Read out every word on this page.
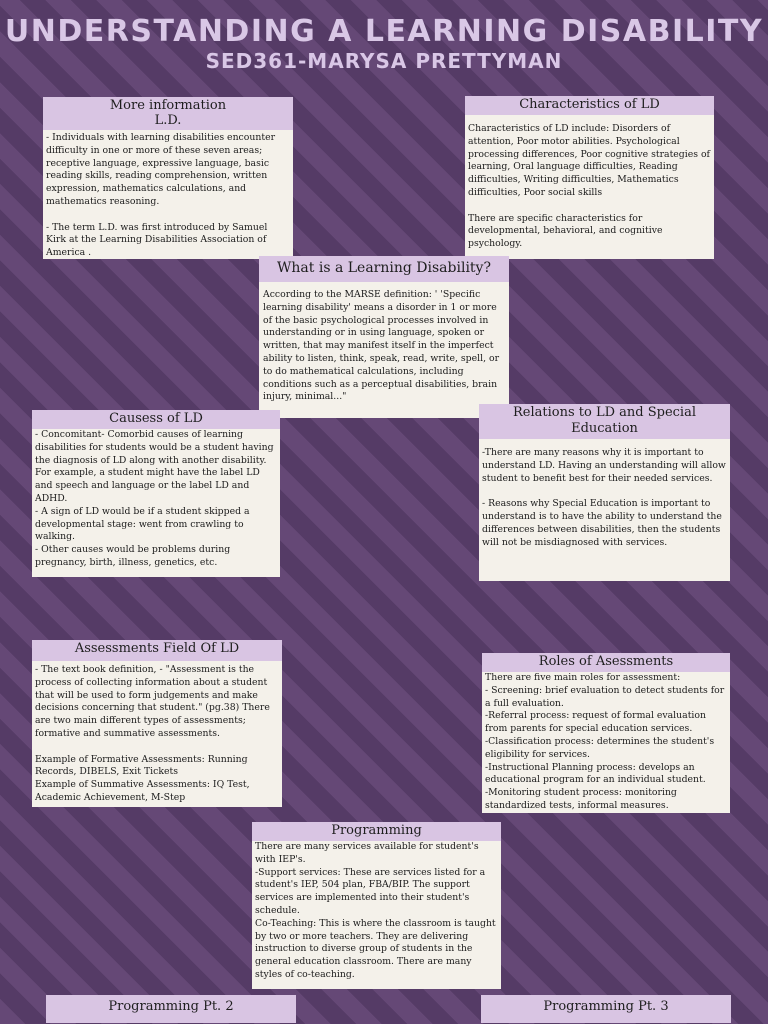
UNDERSTANDING A LEARNING DISABILITY
SED361-MARYSA PRETTYMAN
More information
L.D.
- Individuals with learning disabilities encounter difficulty in one or more of these seven areas; receptive language, expressive language, basic reading skills, reading comprehension, written expression, mathematics calculations, and mathematics reasoning.

- The term L.D. was first introduced by Samuel Kirk at the Learning Disabilities Association of America .
Characteristics of LD
Characteristics of LD include: Disorders of attention, Poor motor abilities. Psychological processing differences, Poor cognitive strategies of learning, Oral language difficulties, Reading difficulties, Writing difficulties, Mathematics difficulties, Poor social skills

There are specific characteristics for developmental, behavioral, and cognitive psychology.
What is a Learning Disability?
According to the MARSE definition: ' 'Specific learning disability' means a disorder in 1 or more of the basic psychological processes involved in understanding or in using language, spoken or written, that may manifest itself in the imperfect ability to listen, think, speak, read, write, spell, or to do mathematical calculations, including conditions such as a perceptual disabilities, brain injury, minimal..."
Causess of LD
- Concomitant- Comorbid causes of learning disabilities for students would be a student having the diagnosis of LD along with another disability. For example, a student might have the label LD and speech and language or the label LD and ADHD.
- A sign of LD would be if a student skipped a developmental stage: went from crawling to walking.
- Other causes would be problems during pregnancy, birth, illness, genetics, etc.
Relations to LD and Special Education
-There are many reasons why it is important to understand LD. Having an understanding will allow student to benefit best for their needed services.

- Reasons why Special Education is important to understand is to have the ability to understand the differences between disabilities, then the students will not be misdiagnosed with services.
Assessments Field Of LD
- The text book definition, - "Assessment is the process of collecting information about a student that will be used to form judgements and make decisions concerning that student." (pg.38) There are two main different types of assessments; formative and summative assessments.

Example of Formative Assessments: Running Records, DIBELS, Exit Tickets
Example of Summative Assessments: IQ Test, Academic Achievement, M-Step
Roles of Asessments
There are five main roles for assessment:
- Screening: brief evaluation to detect students for a full evaluation.
-Referral process: request of formal evaluation from parents for special education services.
-Classification process: determines the student's eligibility for services.
-Instructional Planning process: develops an educational program for an individual student.
-Monitoring student process: monitoring standardized tests, informal measures.
Programming
There are many services available for student's with IEP's.
-Support services: These are services listed for a student's IEP, 504 plan, FBA/BIP. The support services are implemented into their student's schedule.
Co-Teaching: This is where the classroom is taught by two or more teachers. They are delivering instruction to diverse group of students in the general education classroom. There are many styles of co-teaching.
Programming Pt. 2	Programming Pt. 3
